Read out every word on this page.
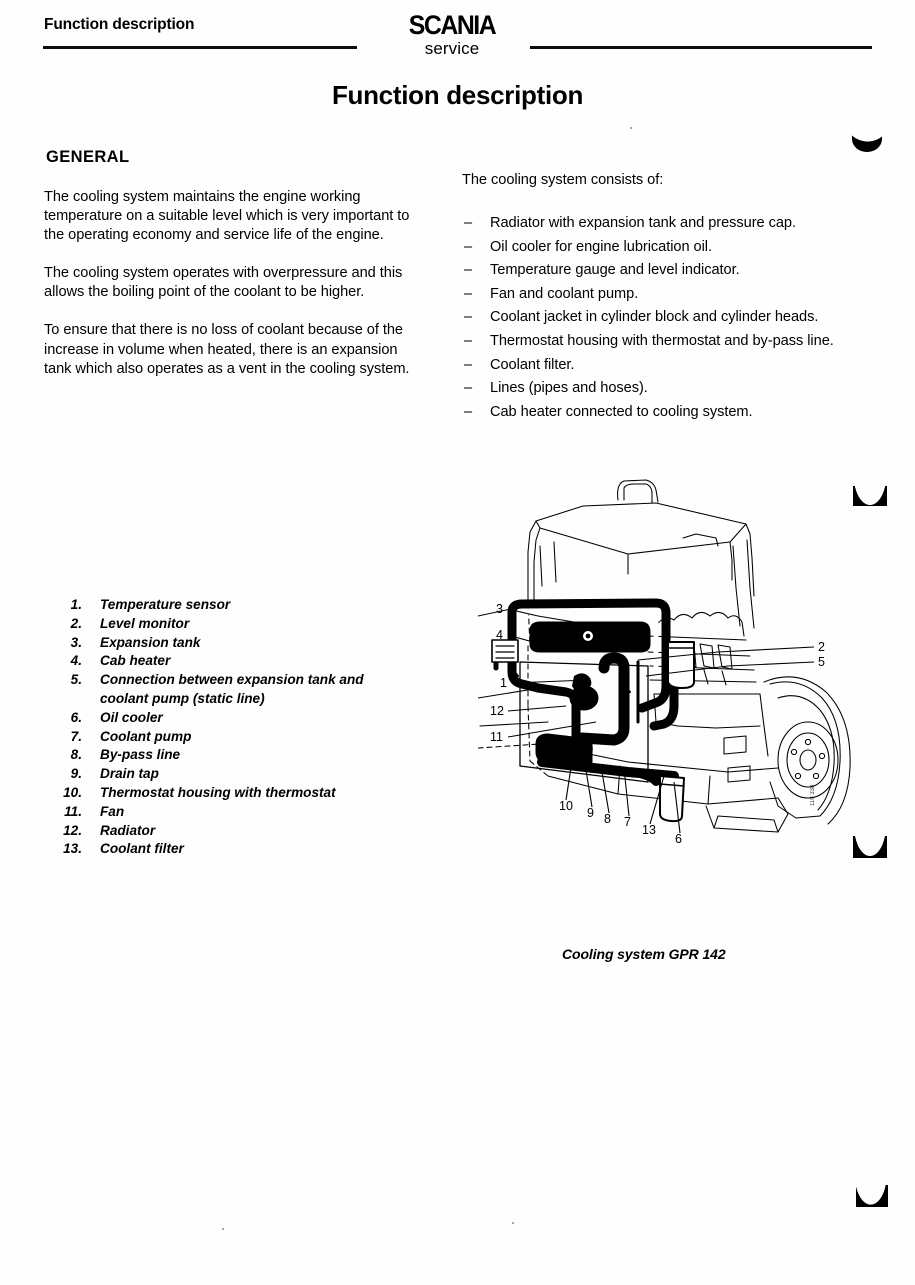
Function description	SCANIA
service
Function description
GENERAL

The cooling system maintains the engine working temperature on a suitable level which is very important to the operating economy and service life of the engine.

The cooling system operates with overpressure and this allows the boiling point of the coolant to be higher.

To ensure that there is no loss of coolant because of the increase in volume when heated, there is an expansion tank which also operates as a vent in the cooling system.

The cooling system consists of:
– Radiator with expansion tank and pressure cap.
– Oil cooler for engine lubrication oil.
– Temperature gauge and level indicator.
– Fan and coolant pump.
– Coolant jacket in cylinder block and cylinder heads.
– Thermostat housing with thermostat and by-pass line.
– Coolant filter.
– Lines (pipes and hoses).
– Cab heater connected to cooling system.
1. Temperature sensor
2. Level monitor
3. Expansion tank
4. Cab heater
5. Connection between expansion tank and coolant pump (static line)
6. Oil cooler
7. Coolant pump
8. By-pass line
9. Drain tap
10. Thermostat housing with thermostat
11. Fan
12. Radiator
13. Coolant filter
3
4
1
12
11
2
5
10 9 8 7
13
6
110 338
Cooling system GPR 142
